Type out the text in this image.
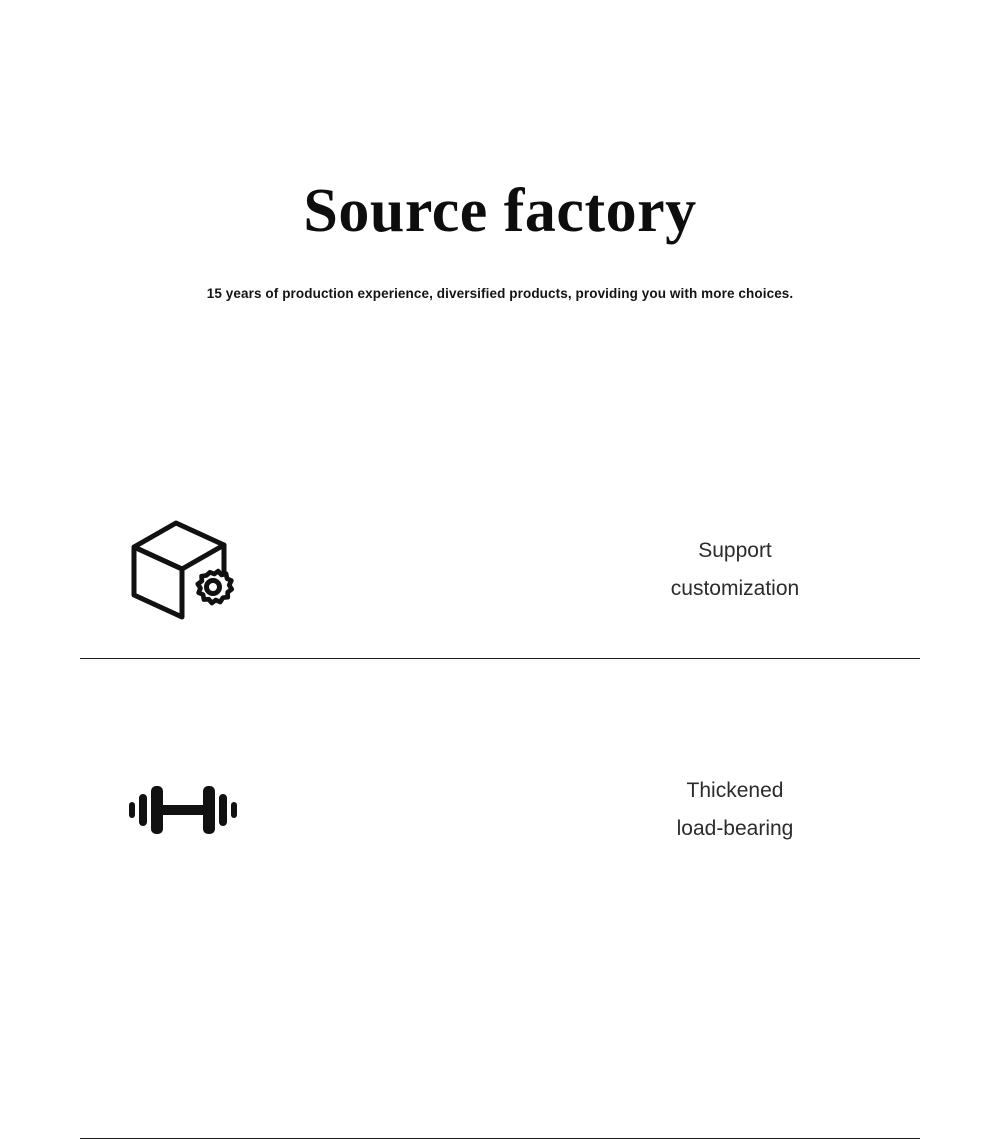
Source factory
15 years of production experience, diversified products, providing you with more choices.
Support
customization
Thickened
load-bearing
